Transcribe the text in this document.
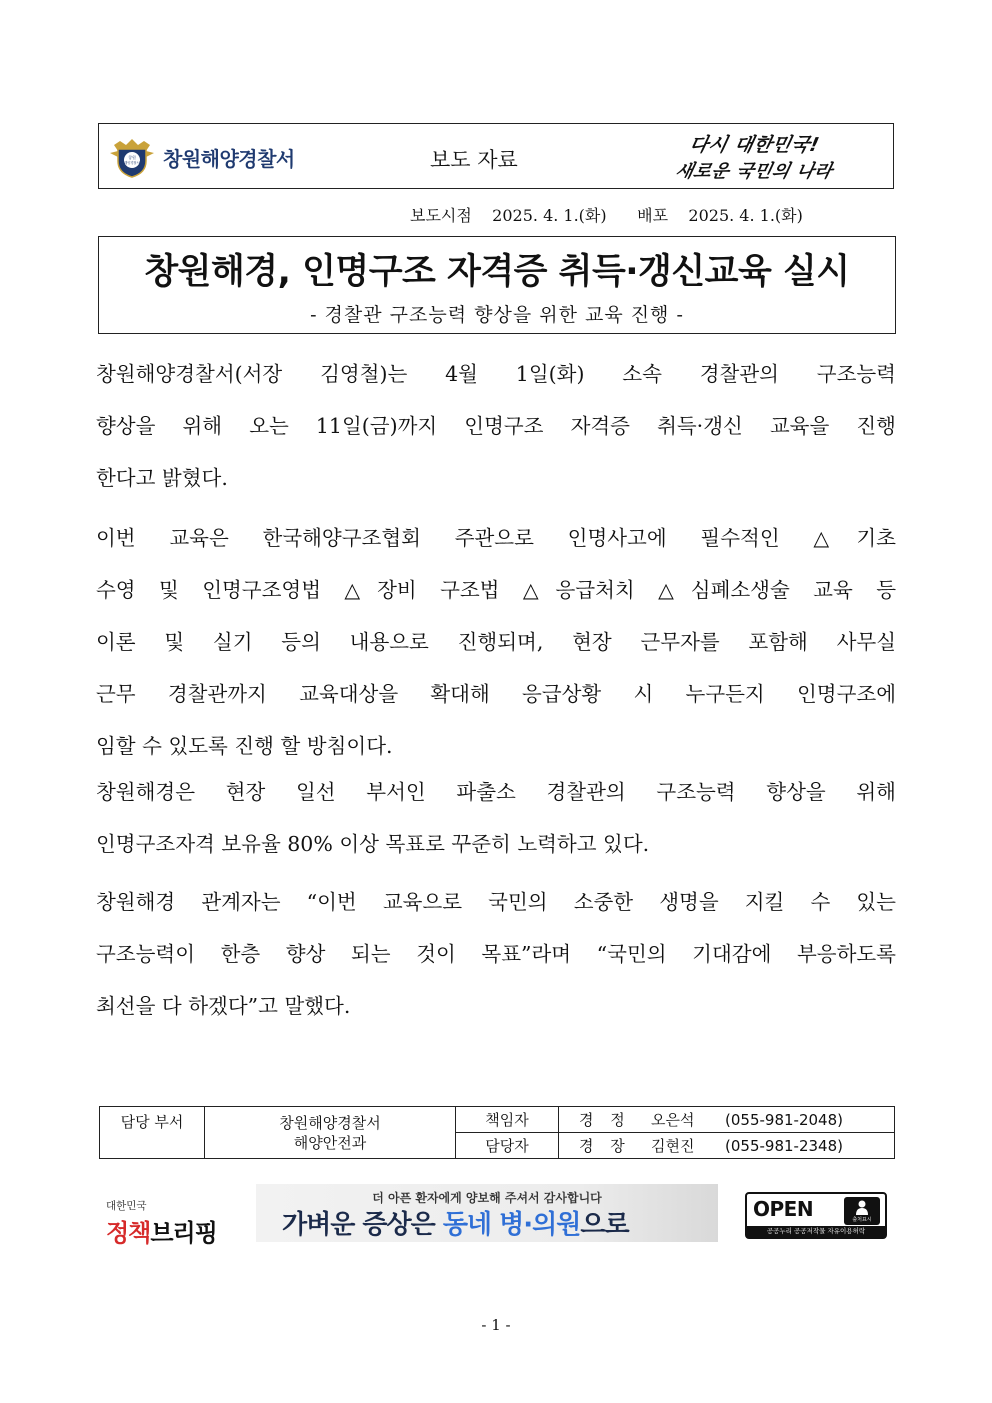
창원
해양경찰서 창원해양경찰서	보도 자료
다시 대한민국!
새로운 국민의 나라
보도시점 2025. 4. 1.(화) 배포 2025. 4. 1.(화)
창원해경, 인명구조 자격증 취득·갱신교육 실시
- 경찰관 구조능력 향상을 위한 교육 진행 -
창원해양경찰서(서장 김영철)는 4월 1일(화) 소속 경찰관의 구조능력
향상을 위해 오는 11일(금)까지 인명구조 자격증 취득·갱신 교육을 진행
한다고 밝혔다.
이번 교육은 한국해양구조협회 주관으로 인명사고에 필수적인 △기초
수영 및 인명구조영법 △장비 구조법 △응급처치 △심폐소생술 교육 등
이론 및 실기 등의 내용으로 진행되며, 현장 근무자를 포함해 사무실
근무 경찰관까지 교육대상을 확대해 응급상황 시 누구든지 인명구조에
임할 수 있도록 진행 할 방침이다.
창원해경은 현장 일선 부서인 파출소 경찰관의 구조능력 향상을 위해
인명구조자격 보유율 80% 이상 목표로 꾸준히 노력하고 있다.
창원해경 관계자는 “이번 교육으로 국민의 소중한 생명을 지킬 수 있는
구조능력이 한층 향상 되는 것이 목표”라며 “국민의 기대감에 부응하도록
최선을 다 하겠다”고 말했다.
담당 부서	창원해양경찰서
해양안전과	책임자	경 정 오은석 (055-981-2048)
		담당자	경 장 김현진 (055-981-2348)
대한민국
정책브리핑
더 아픈 환자에게 양보해 주셔서 감사합니다
가벼운 증상은 동네 병·의원으로
OPEN	출처표시
공공누리 공공저작물 자유이용허락
- 1 -
